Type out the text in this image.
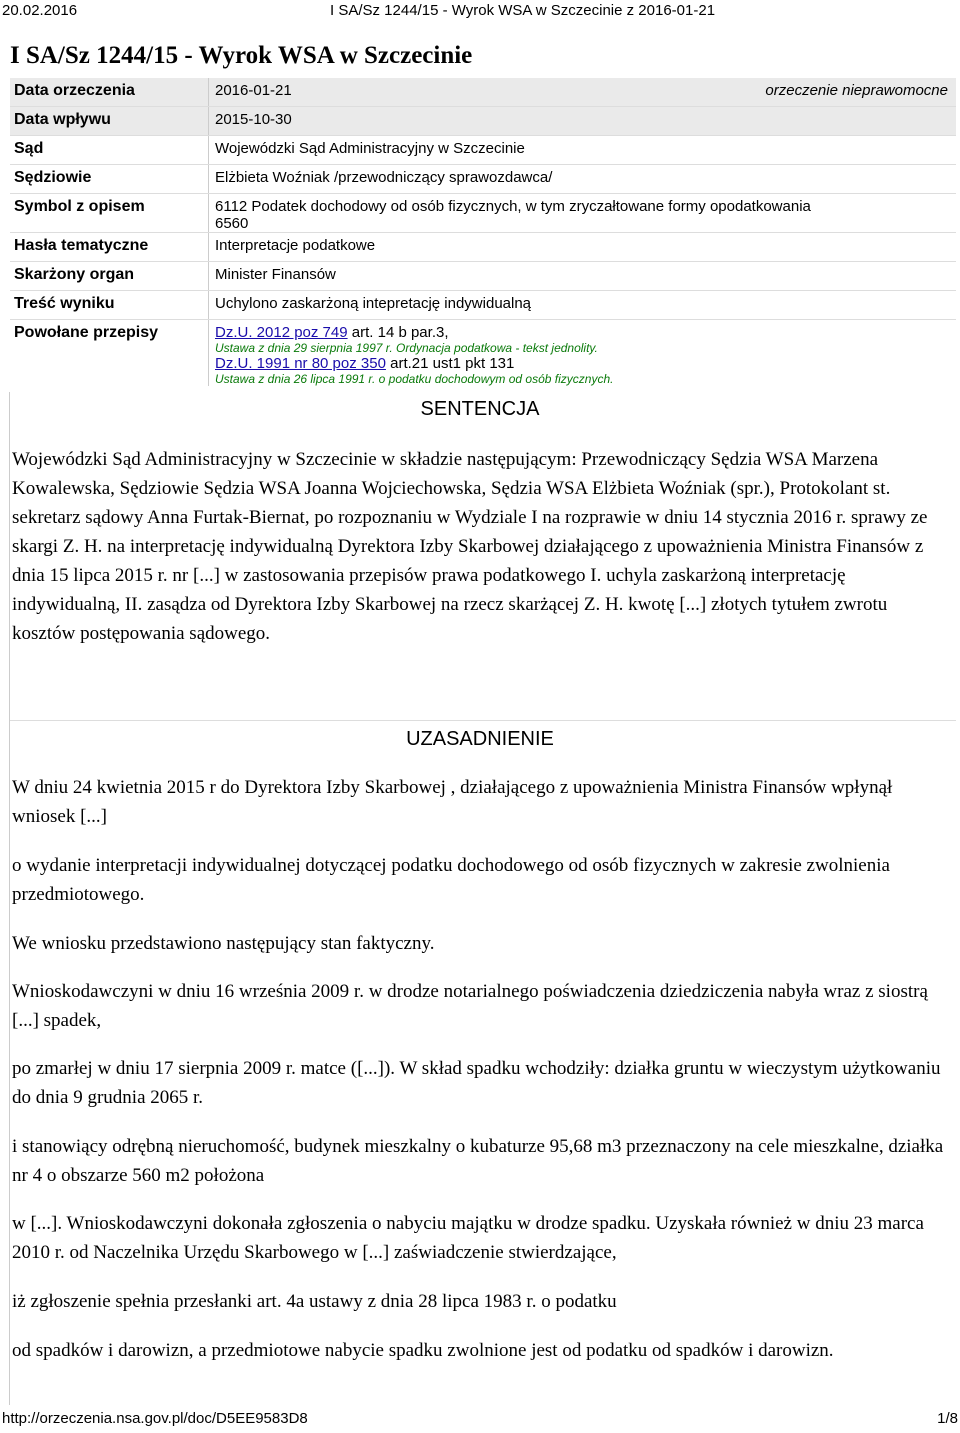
20.02.2016	I SA/Sz 1244/15 - Wyrok WSA w Szczecinie z 2016-01-21
I SA/Sz 1244/15 - Wyrok WSA w Szczecinie
Data orzeczenia	2016-01-21 orzeczenie nieprawomocne

Data wpływu	2015-10-30
Sąd	Wojewódzki Sąd Administracyjny w Szczecinie
Sędziowie	Elżbieta Woźniak /przewodniczący sprawozdawca/
Symbol z opisem	6112 Podatek dochodowy od osób fizycznych, w tym zryczałtowane formy opodatkowania
6560

Hasła tematyczne	Interpretacje podatkowe
Skarżony organ	Minister Finansów
Treść wyniku	Uchylono zaskarżoną intepretację indywidualną
Powołane przepisy	Dz.U. 2012 poz 749 art. 14 b par.3,
Ustawa z dnia 29 sierpnia 1997 r. Ordynacja podatkowa - tekst jednolity.
Dz.U. 1991 nr 80 poz 350 art.21 ust1 pkt 131
Ustawa z dnia 26 lipca 1991 r. o podatku dochodowym od osób fizycznych.
SENTENCJA

Wojewódzki Sąd Administracyjny w Szczecinie w składzie następującym: Przewodniczący Sędzia WSA Marzena Kowalewska, Sędziowie Sędzia WSA Joanna Wojciechowska, Sędzia WSA Elżbieta Woźniak (spr.), Protokolant st. sekretarz sądowy Anna Furtak-Biernat, po rozpoznaniu w Wydziale I na rozprawie w dniu 14 stycznia 2016 r. sprawy ze skargi Z. H. na interpretację indywidualną Dyrektora Izby Skarbowej działającego z upoważnienia Ministra Finansów z dnia 15 lipca 2015 r. nr [...] w zastosowania przepisów prawa podatkowego I. uchyla zaskarżoną interpretację indywidualną, II. zasądza od Dyrektora Izby Skarbowej na rzecz skarżącej Z. H. kwotę [...] złotych tytułem zwrotu kosztów postępowania sądowego.

UZASADNIENIE

W dniu 24 kwietnia 2015 r do Dyrektora Izby Skarbowej , działającego z upoważnienia Ministra Finansów wpłynął wniosek [...]

o wydanie interpretacji indywidualnej dotyczącej podatku dochodowego od osób fizycznych w zakresie zwolnienia przedmiotowego.

We wniosku przedstawiono następujący stan faktyczny.

Wnioskodawczyni w dniu 16 września 2009 r. w drodze notarialnego poświadczenia dziedziczenia nabyła wraz z siostrą [...] spadek,

po zmarłej w dniu 17 sierpnia 2009 r. matce ([...]). W skład spadku wchodziły: działka gruntu w wieczystym użytkowaniu do dnia 9 grudnia 2065 r.

i stanowiący odrębną nieruchomość, budynek mieszkalny o kubaturze 95,68 m3 przeznaczony na cele mieszkalne, działka nr 4 o obszarze 560 m2 położona

w [...]. Wnioskodawczyni dokonała zgłoszenia o nabyciu majątku w drodze spadku. Uzyskała również w dniu 23 marca 2010 r. od Naczelnika Urzędu Skarbowego w [...] zaświadczenie stwierdzające,

iż zgłoszenie spełnia przesłanki art. 4a ustawy z dnia 28 lipca 1983 r. o podatku

od spadków i darowizn, a przedmiotowe nabycie spadku zwolnione jest od podatku od spadków i darowizn.

http://orzeczenia.nsa.gov.pl/doc/D5EE9583D8	1/8
